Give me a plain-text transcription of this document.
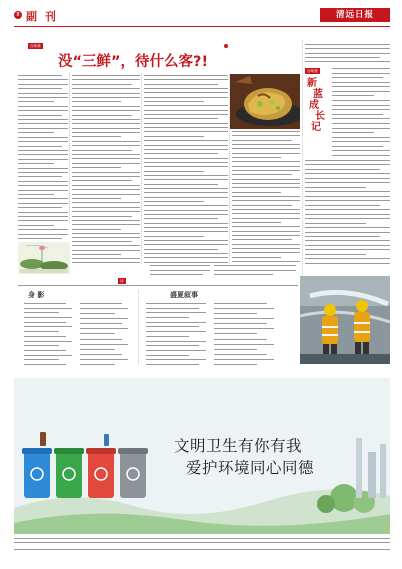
8 副 刊	清远日报
百味斋
没“三鲜”，待什么客?!
百味斋
新
蓝
成
长
记
诗
身 影	盛夏叙事
文明卫生有你有我
爱护环境同心同德
